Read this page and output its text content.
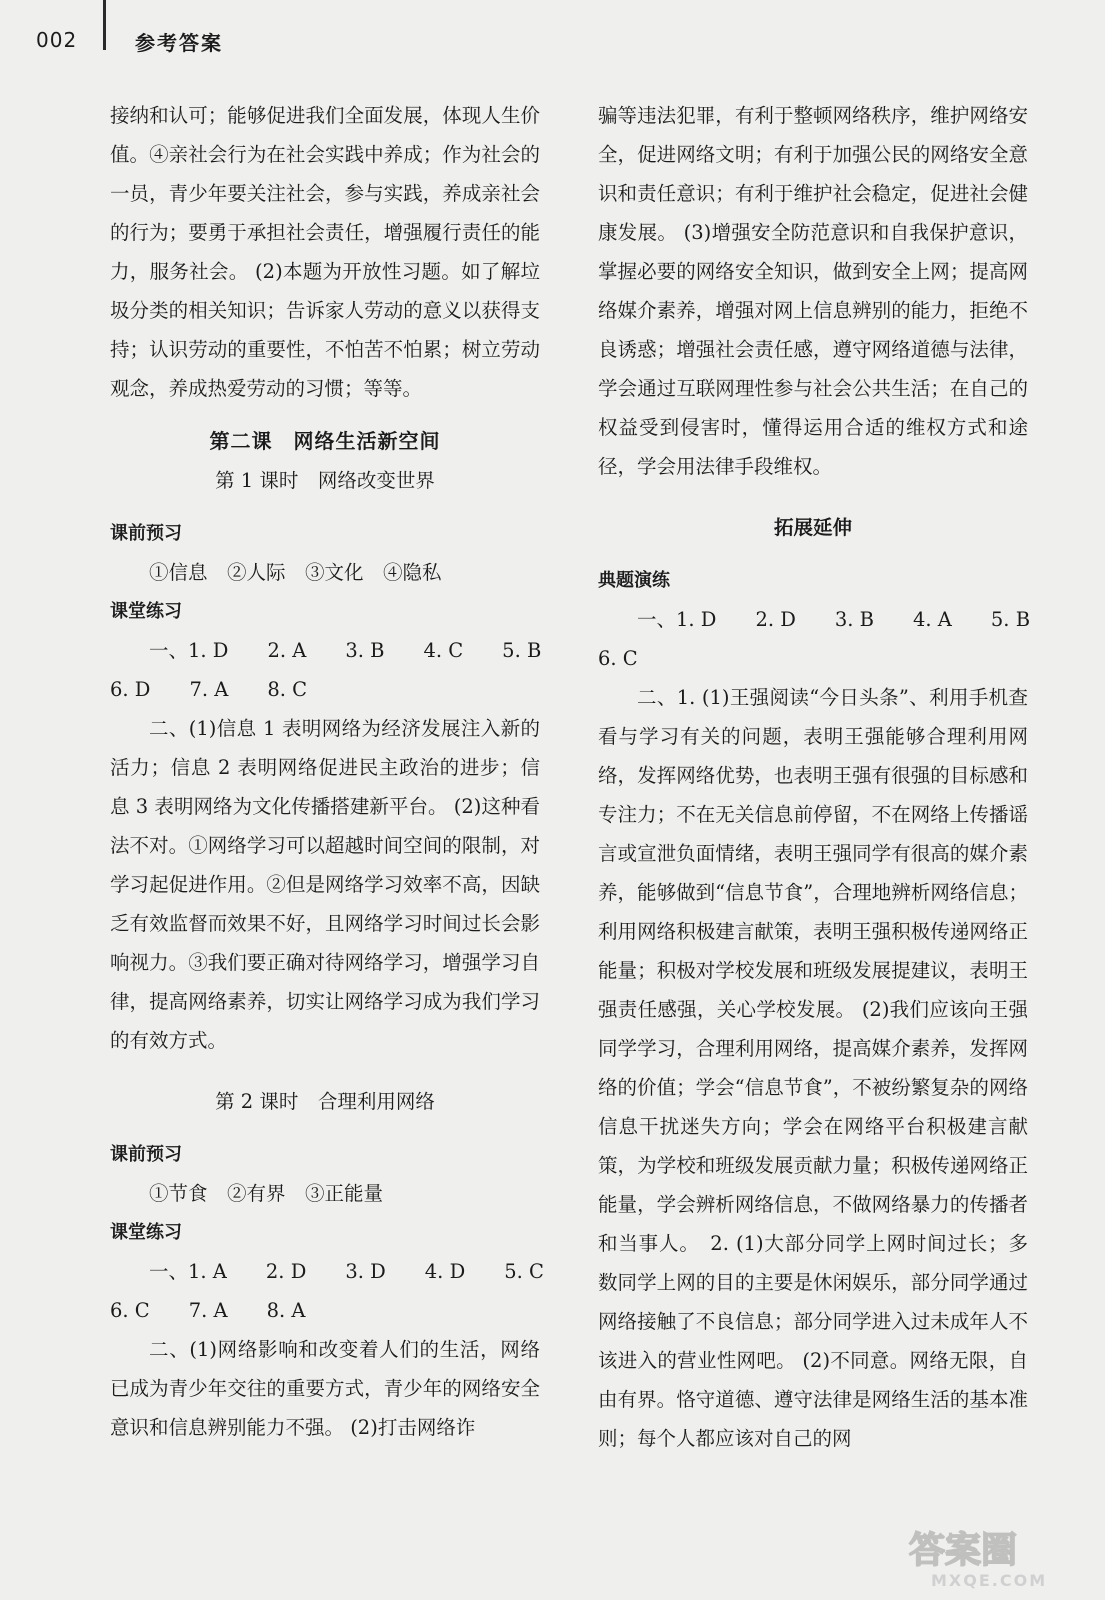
002	参考答案

接纳和认可；能够促进我们全面发展，体现人生价值。④亲社会行为在社会实践中养成；作为社会的一员，青少年要关注社会，参与实践，养成亲社会的行为；要勇于承担社会责任，增强履行责任的能力，服务社会。 (2)本题为开放性习题。如了解垃圾分类的相关知识；告诉家人劳动的意义以获得支持；认识劳动的重要性，不怕苦不怕累；树立劳动观念，养成热爱劳动的习惯；等等。

第二课　网络生活新空间

第 1 课时　网络改变世界

课前预习

①信息　②人际　③文化　④隐私

课堂练习

一、1. D　　2. A　　3. B　　4. C　　5. B

6. D　　7. A　　8. C

二、(1)信息 1 表明网络为经济发展注入新的活力；信息 2 表明网络促进民主政治的进步；信息 3 表明网络为文化传播搭建新平台。 (2)这种看法不对。①网络学习可以超越时间空间的限制，对学习起促进作用。②但是网络学习效率不高，因缺乏有效监督而效果不好，且网络学习时间过长会影响视力。③我们要正确对待网络学习，增强学习自律，提高网络素养，切实让网络学习成为我们学习的有效方式。

第 2 课时　合理利用网络

课前预习

①节食　②有界　③正能量

课堂练习

一、1. A　　2. D　　3. D　　4. D　　5. C

6. C　　7. A　　8. A

二、(1)网络影响和改变着人们的生活，网络已成为青少年交往的重要方式，青少年的网络安全意识和信息辨别能力不强。 (2)打击网络诈

骗等违法犯罪，有利于整顿网络秩序，维护网络安全，促进网络文明；有利于加强公民的网络安全意识和责任意识；有利于维护社会稳定，促进社会健康发展。 (3)增强安全防范意识和自我保护意识，掌握必要的网络安全知识，做到安全上网；提高网络媒介素养，增强对网上信息辨别的能力，拒绝不良诱惑；增强社会责任感，遵守网络道德与法律，学会通过互联网理性参与社会公共生活；在自己的权益受到侵害时，懂得运用合适的维权方式和途径，学会用法律手段维权。

拓展延伸

典题演练

一、1. D　　2. D　　3. B　　4. A　　5. B

6. C

二、1. (1)王强阅读“今日头条”、利用手机查看与学习有关的问题，表明王强能够合理利用网络，发挥网络优势，也表明王强有很强的目标感和专注力；不在无关信息前停留，不在网络上传播谣言或宣泄负面情绪，表明王强同学有很高的媒介素养，能够做到“信息节食”，合理地辨析网络信息；利用网络积极建言献策，表明王强积极传递网络正能量；积极对学校发展和班级发展提建议，表明王强责任感强，关心学校发展。 (2)我们应该向王强同学学习，合理利用网络，提高媒介素养，发挥网络的价值；学会“信息节食”，不被纷繁复杂的网络信息干扰迷失方向；学会在网络平台积极建言献策，为学校和班级发展贡献力量；积极传递网络正能量，学会辨析网络信息，不做网络暴力的传播者和当事人。　2. (1)大部分同学上网时间过长；多数同学上网的目的主要是休闲娱乐，部分同学通过网络接触了不良信息；部分同学进入过未成年人不该进入的营业性网吧。 (2)不同意。网络无限，自由有界。恪守道德、遵守法律是网络生活的基本准则；每个人都应该对自己的网

答案圈
MXQE.COM
